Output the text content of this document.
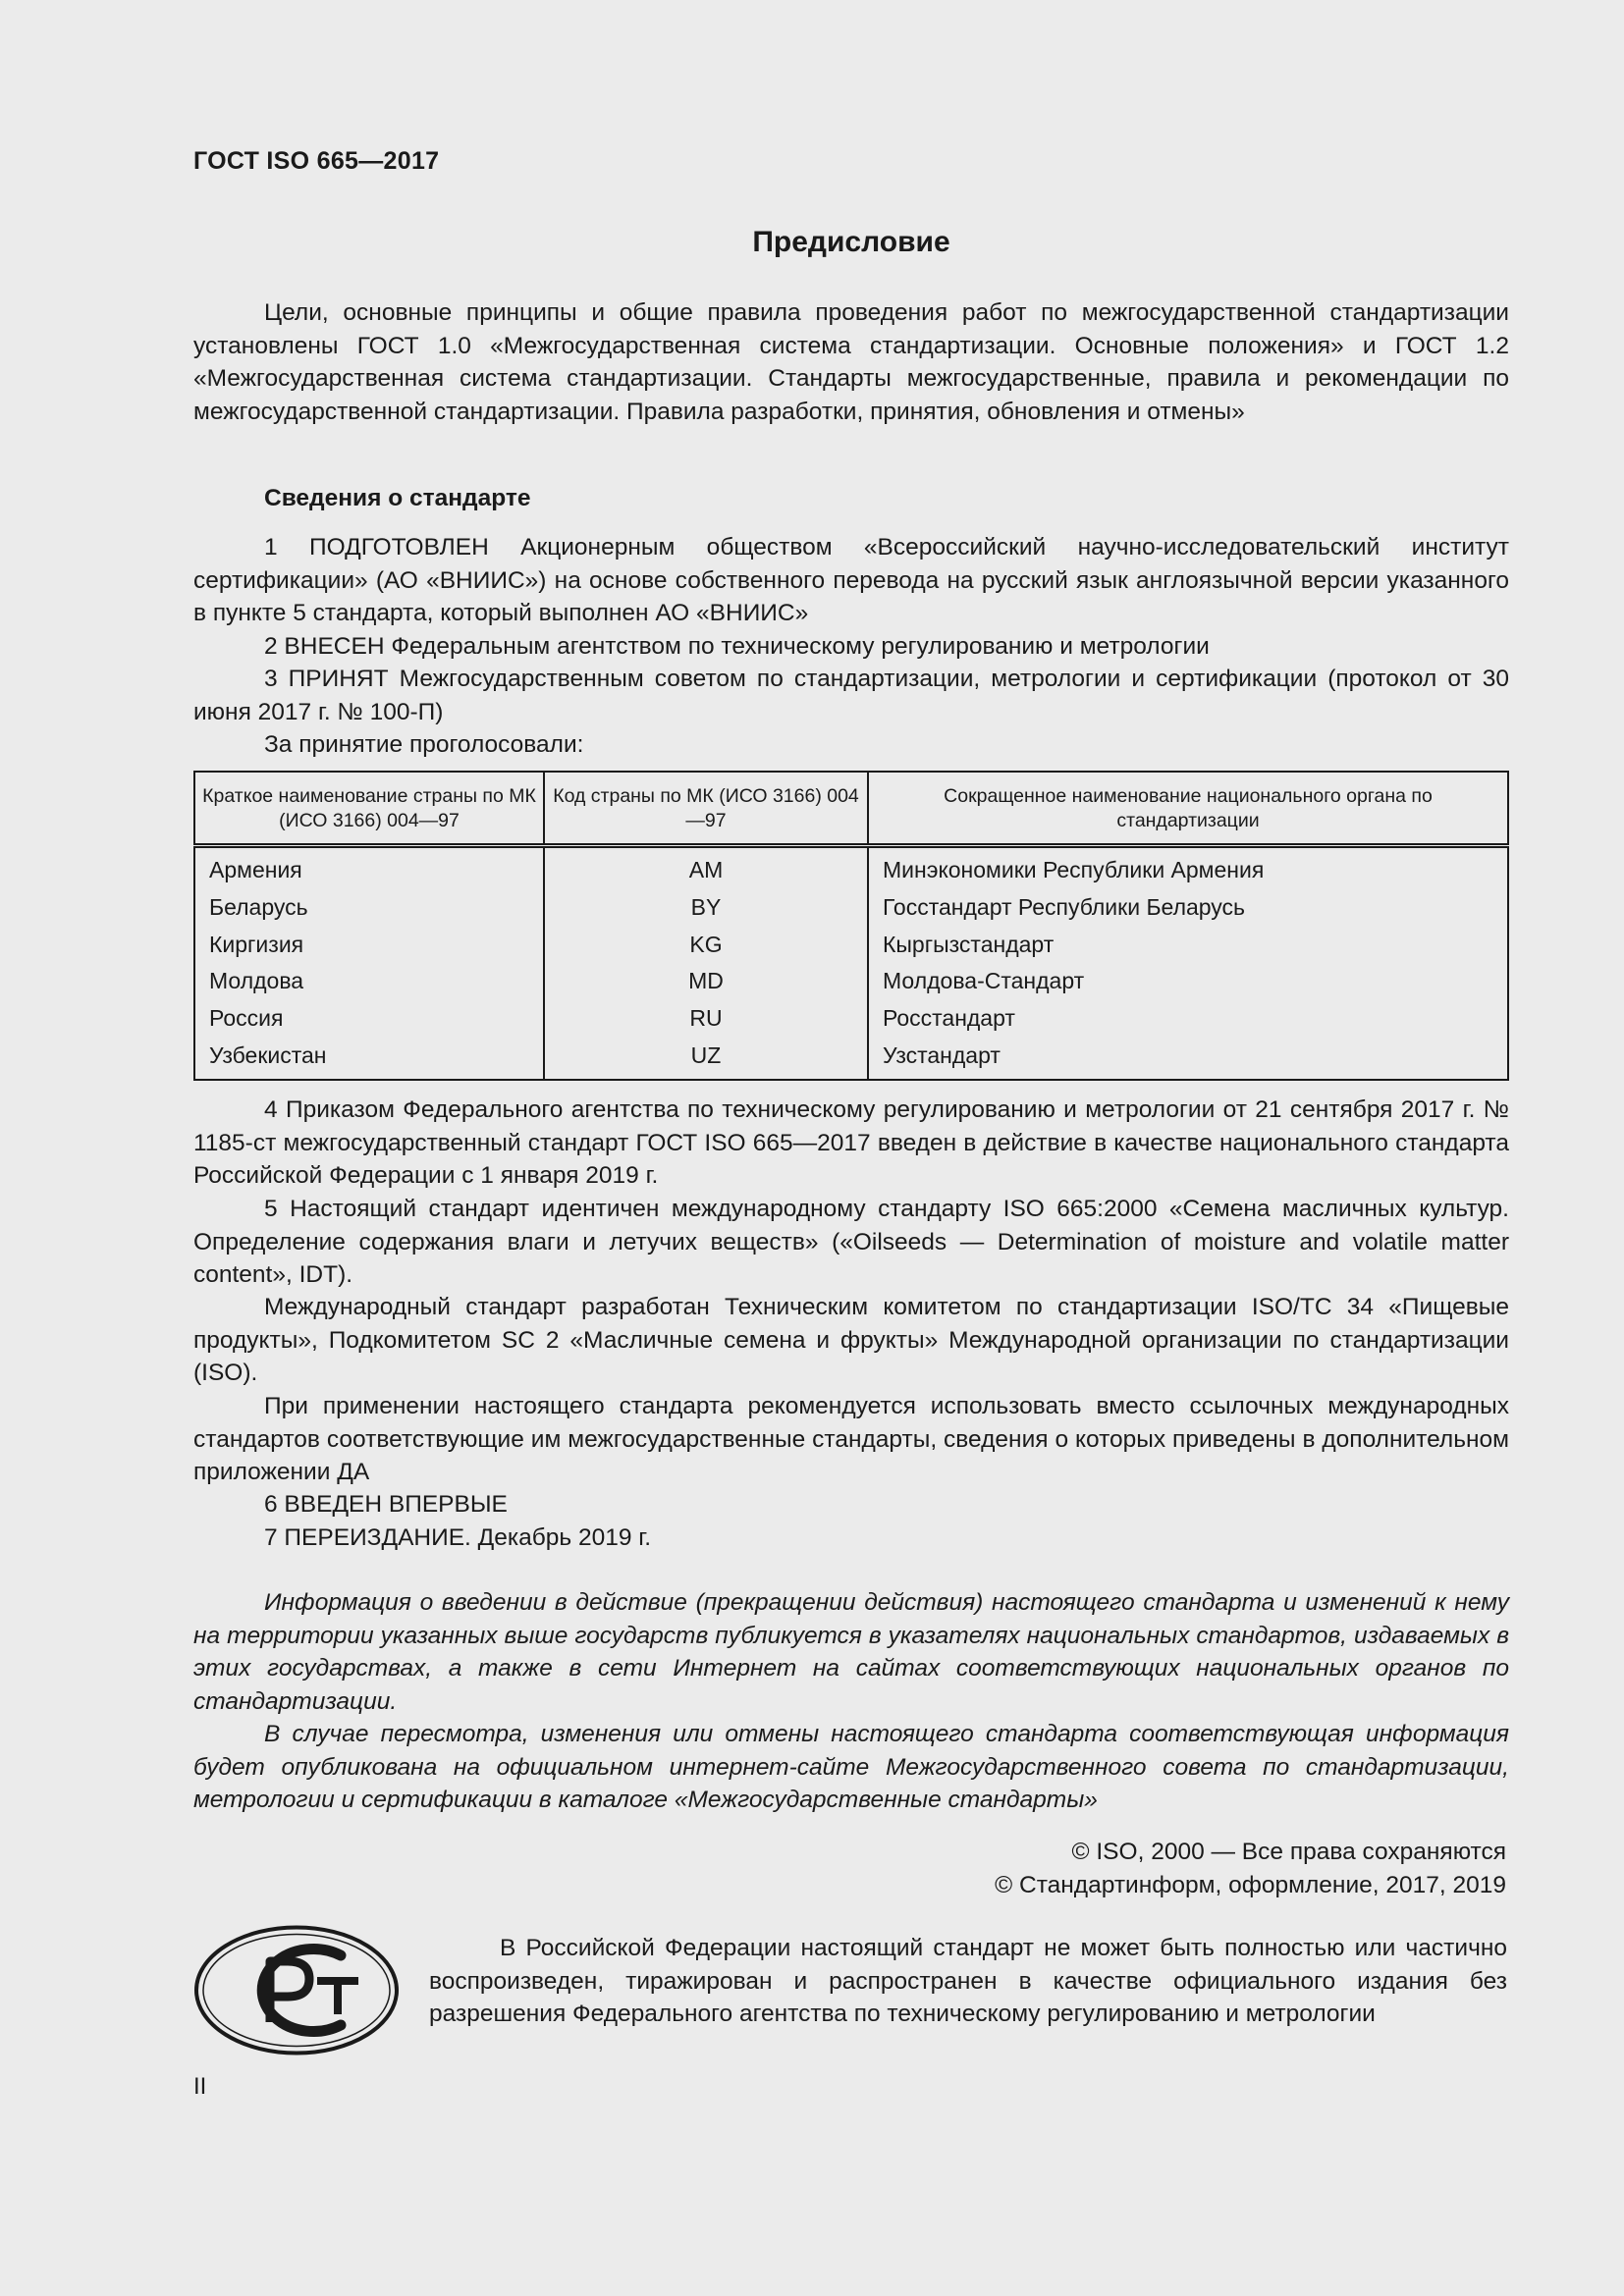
ГОСТ ISO 665—2017
Предисловие

Цели, основные принципы и общие правила проведения работ по межгосударственной стандартизации установлены ГОСТ 1.0 «Межгосударственная система стандартизации. Основные положения» и ГОСТ 1.2 «Межгосударственная система стандартизации. Стандарты межгосударственные, правила и рекомендации по межгосударственной стандартизации. Правила разработки, принятия, обновления и отмены»

Сведения о стандарте

1 ПОДГОТОВЛЕН Акционерным обществом «Всероссийский научно-исследовательский институт сертификации» (АО «ВНИИС») на основе собственного перевода на русский язык англоязычной версии указанного в пункте 5 стандарта, который выполнен АО «ВНИИС»

2 ВНЕСЕН Федеральным агентством по техническому регулированию и метрологии

3 ПРИНЯТ Межгосударственным советом по стандартизации, метрологии и сертификации (протокол от 30 июня 2017 г. № 100-П)

За принятие проголосовали:

Краткое наименование страны по МК (ИСО 3166) 004—97	Код страны по МК (ИСО 3166) 004—97	Сокращенное наименование национального органа по стандартизации
Армения	AM	Минэкономики Республики Армения
Беларусь	BY	Госстандарт Республики Беларусь
Киргизия	KG	Кыргызстандарт
Молдова	MD	Молдова-Стандарт
Россия	RU	Росстандарт
Узбекистан	UZ	Узстандарт

4 Приказом Федерального агентства по техническому регулированию и метрологии от 21 сентября 2017 г. № 1185-ст межгосударственный стандарт ГОСТ ISO 665—2017 введен в действие в качестве национального стандарта Российской Федерации с 1 января 2019 г.

5 Настоящий стандарт идентичен международному стандарту ISO 665:2000 «Семена масличных культур. Определение содержания влаги и летучих веществ» («Oilseeds — Determination of moisture and volatile matter content», IDT).

Международный стандарт разработан Техническим комитетом по стандартизации ISO/TC 34 «Пищевые продукты», Подкомитетом SC 2 «Масличные семена и фрукты» Международной организации по стандартизации (ISO).

При применении настоящего стандарта рекомендуется использовать вместо ссылочных международных стандартов соответствующие им межгосударственные стандарты, сведения о которых приведены в дополнительном приложении ДА

6 ВВЕДЕН ВПЕРВЫЕ

7 ПЕРЕИЗДАНИЕ. Декабрь 2019 г.

Информация о введении в действие (прекращении действия) настоящего стандарта и изменений к нему на территории указанных выше государств публикуется в указателях национальных стандартов, издаваемых в этих государствах, а также в сети Интернет на сайтах соответствующих национальных органов по стандартизации.

В случае пересмотра, изменения или отмены настоящего стандарта соответствующая информация будет опубликована на официальном интернет-сайте Межгосударственного совета по стандартизации, метрологии и сертификации в каталоге «Межгосударственные стандарты»

© ISO, 2000 — Все права сохраняются
© Стандартинформ, оформление, 2017, 2019

В Российской Федерации настоящий стандарт не может быть полностью или частично воспроизведен, тиражирован и распространен в качестве официального издания без разрешения Федерального агентства по техническому регулированию и метрологии

II
